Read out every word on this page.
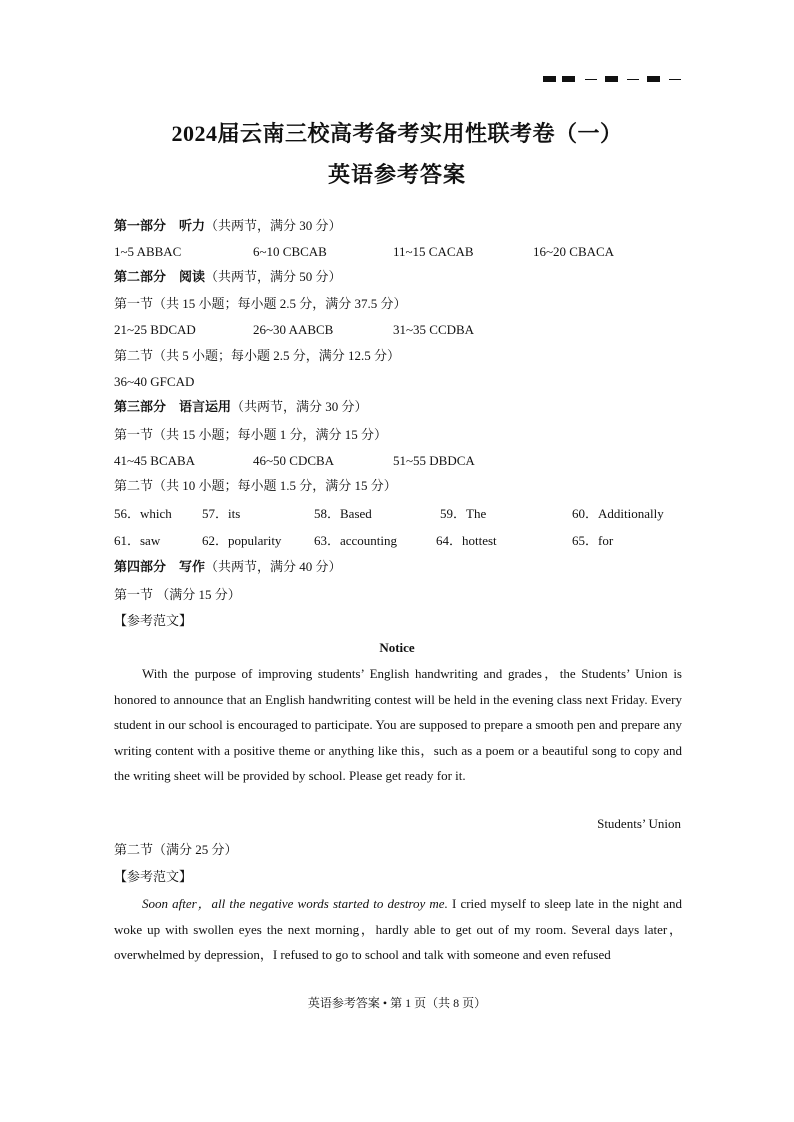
2024届云南三校高考备考实用性联考卷（一）
英语参考答案
第一部分　听力（共两节，满分 30 分）
1~5 ABBAC	6~10 CBCAB	11~15 CACAB	16~20 CBACA
第二部分　阅读（共两节，满分 50 分）
第一节（共 15 小题；每小题 2.5 分，满分 37.5 分）
21~25 BDCAD	26~30 AABCB	31~35 CCDBA
第二节（共 5 小题；每小题 2.5 分，满分 12.5 分）
36~40 GFCAD
第三部分　语言运用（共两节，满分 30 分）
第一节（共 15 小题；每小题 1 分，满分 15 分）
41~45 BCABA	46~50 CDCBA	51~55 DBDCA
第二节（共 10 小题；每小题 1.5 分，满分 15 分）
56．which 57．its	58．Based	59．The	60．Additionally
61．saw	62．popularity	63．accounting	64．hottest	65．for
第四部分　写作（共两节，满分 40 分）
第一节 （满分 15 分）
【参考范文】
Notice
With the purpose of improving students’ English handwriting and grades，the Students’ Union is honored to announce that an English handwriting contest will be held in the evening class next Friday. Every student in our school is encouraged to participate. You are supposed to prepare a smooth pen and prepare any writing content with a positive theme or anything like this，such as a poem or a beautiful song to copy and the writing sheet will be provided by school. Please get ready for it.
Students’ Union
第二节（满分 25 分）
【参考范文】
Soon after，all the negative words started to destroy me. I cried myself to sleep late in the night and woke up with swollen eyes the next morning，hardly able to get out of my room. Several days later，overwhelmed by depression，I refused to go to school and talk with someone and even refused
英语参考答案 • 第 1 页（共 8 页）
